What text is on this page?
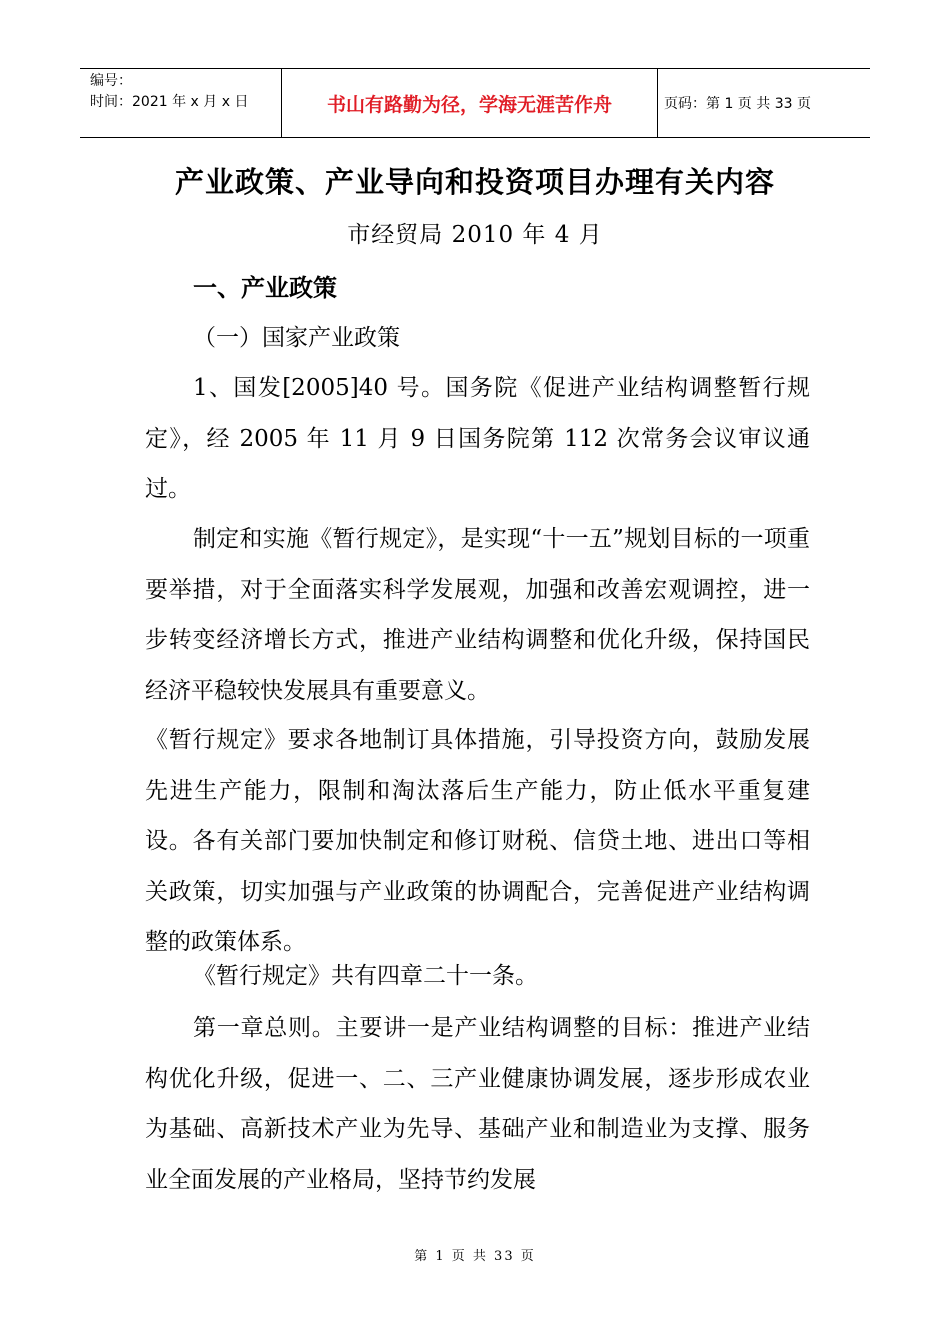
编号：
时间：2021 年 x 月 x 日	书山有路勤为径，学海无涯苦作舟	页码：第 1 页 共 33 页
产业政策、产业导向和投资项目办理有关内容
市经贸局 2010 年 4 月
一、产业政策
（一）国家产业政策
1、国发[2005]40 号。国务院《促进产业结构调整暂行规定》，经 2005 年 11 月 9 日国务院第 112 次常务会议审议通过。
制定和实施《暂行规定》，是实现“十一五”规划目标的一项重要举措，对于全面落实科学发展观，加强和改善宏观调控，进一步转变经济增长方式，推进产业结构调整和优化升级，保持国民经济平稳较快发展具有重要意义。
《暂行规定》要求各地制订具体措施，引导投资方向，鼓励发展先进生产能力，限制和淘汰落后生产能力，防止低水平重复建设。各有关部门要加快制定和修订财税、信贷土地、进出口等相关政策，切实加强与产业政策的协调配合，完善促进产业结构调整的政策体系。
《暂行规定》共有四章二十一条。
第一章总则。主要讲一是产业结构调整的目标：推进产业结构优化升级，促进一、二、三产业健康协调发展，逐步形成农业为基础、高新技术产业为先导、基础产业和制造业为支撑、服务业全面发展的产业格局，坚持节约发展
第 1 页 共 33 页
